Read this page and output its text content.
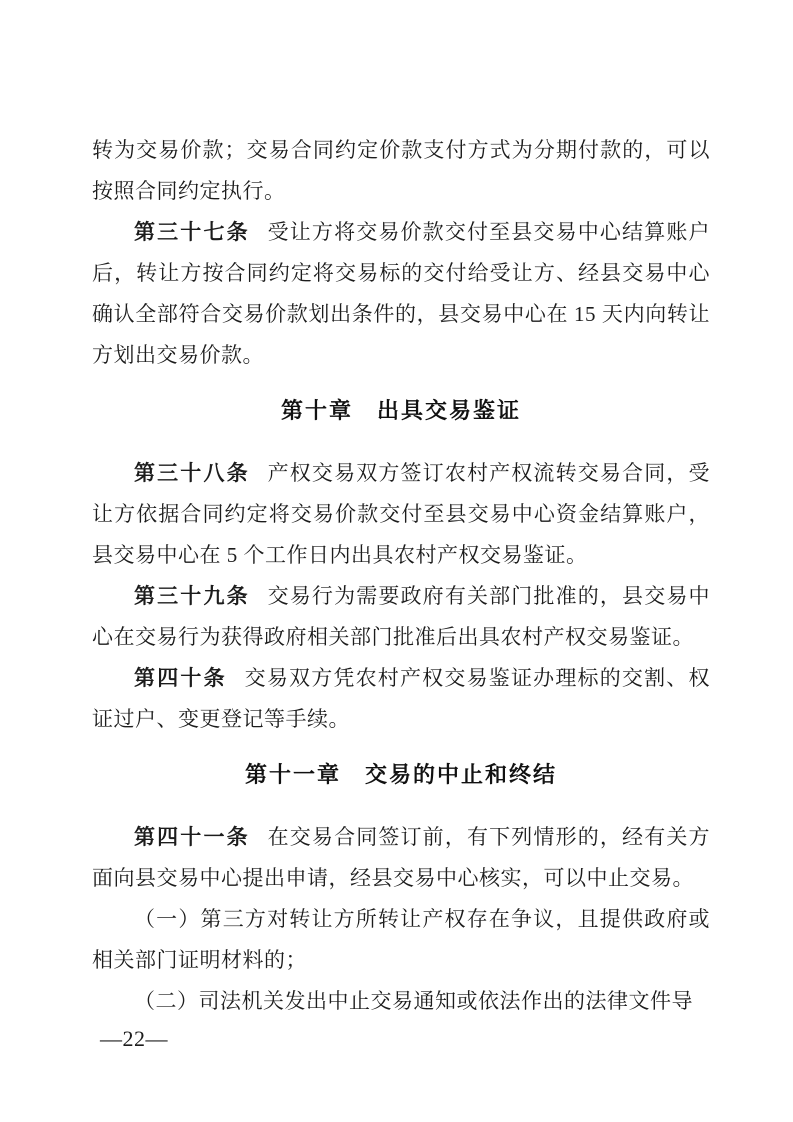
转为交易价款；交易合同约定价款支付方式为分期付款的，可以按照合同约定执行。

第三十七条 受让方将交易价款交付至县交易中心结算账户后，转让方按合同约定将交易标的交付给受让方、经县交易中心确认全部符合交易价款划出条件的，县交易中心在 15 天内向转让方划出交易价款。

第十章　出具交易鉴证

第三十八条 产权交易双方签订农村产权流转交易合同，受让方依据合同约定将交易价款交付至县交易中心资金结算账户，县交易中心在 5 个工作日内出具农村产权交易鉴证。

第三十九条 交易行为需要政府有关部门批准的，县交易中心在交易行为获得政府相关部门批准后出具农村产权交易鉴证。

第四十条 交易双方凭农村产权交易鉴证办理标的交割、权证过户、变更登记等手续。

第十一章　交易的中止和终结

第四十一条 在交易合同签订前，有下列情形的，经有关方面向县交易中心提出申请，经县交易中心核实，可以中止交易。

（一）第三方对转让方所转让产权存在争议，且提供政府或相关部门证明材料的；

（二）司法机关发出中止交易通知或依法作出的法律文件导

—22—
